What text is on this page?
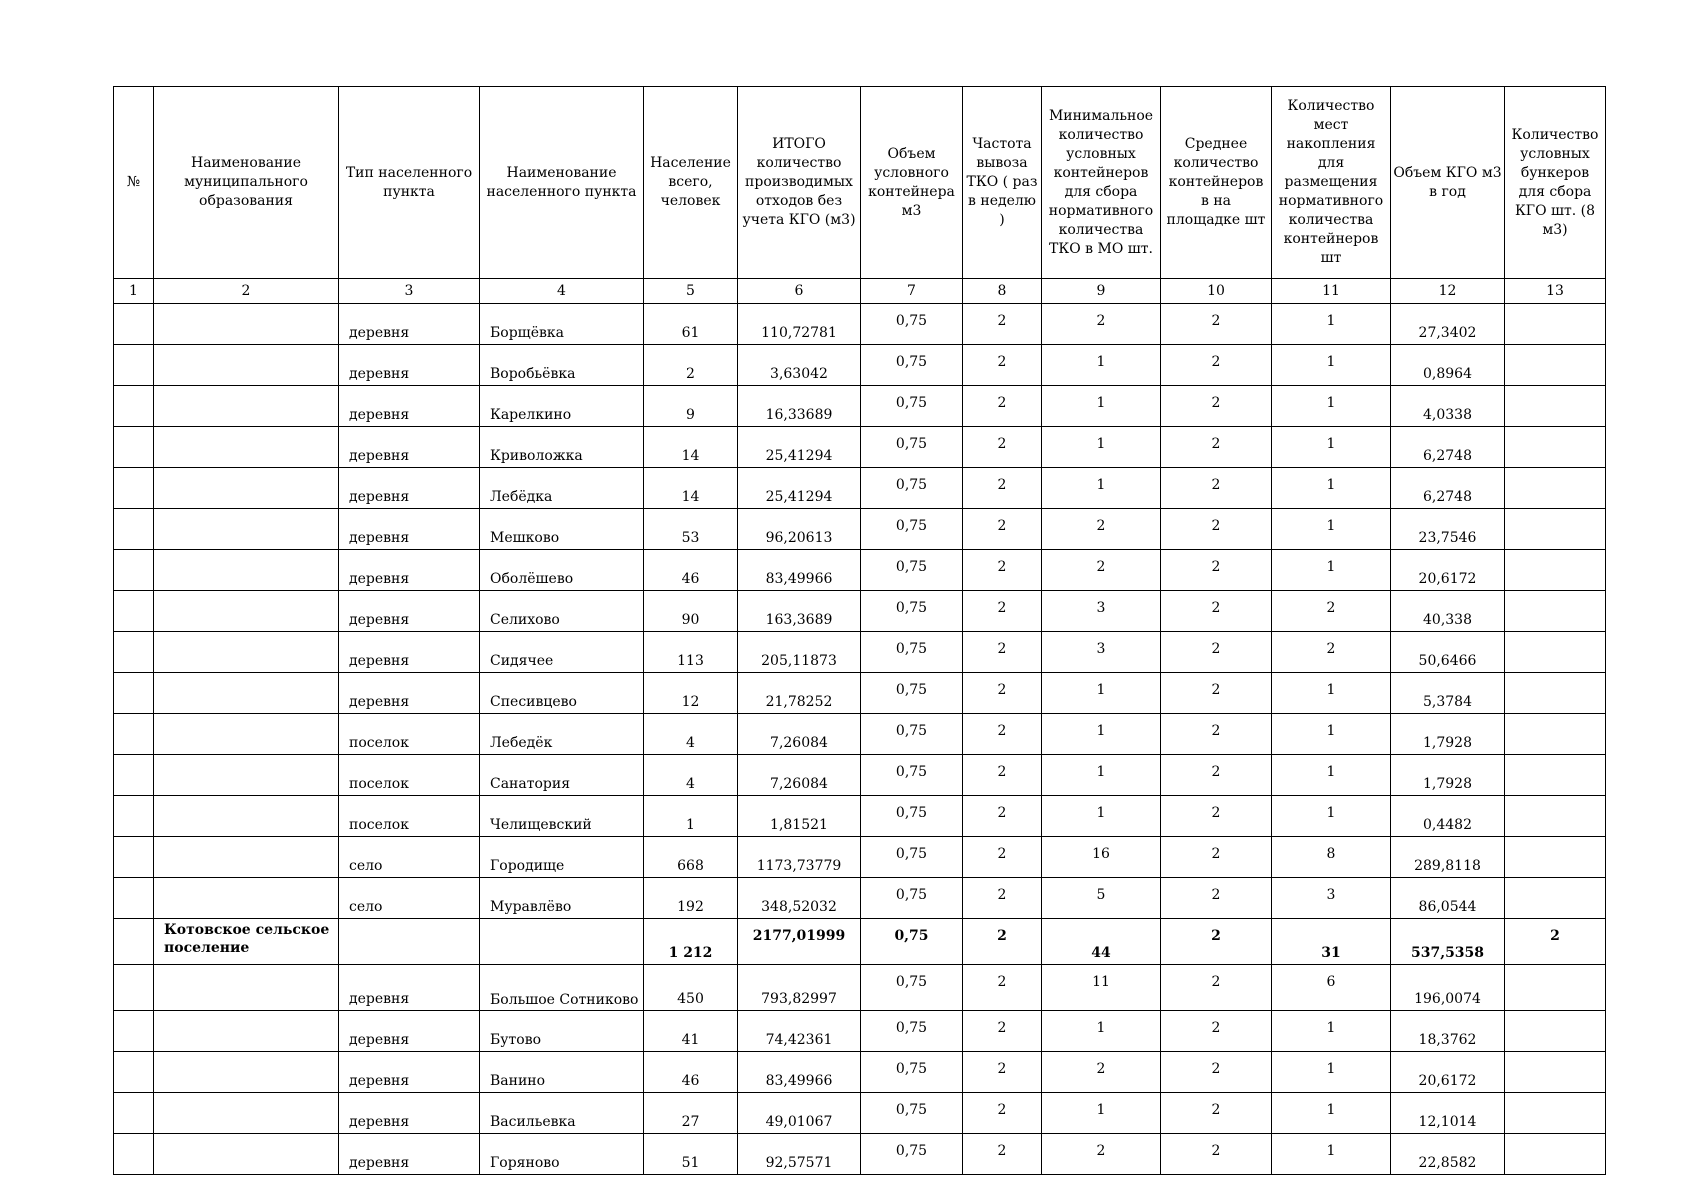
№	Наименование муниципального образования	Тип населенного пункта	Наименование населенного пункта	Население всего, человек	ИТОГО количество производимых отходов без учета КГО (м3)	Объем условного контейнера м3	Частота вывоза ТКО ( раз в неделю )	Минимальное количество условных контейнеров для сбора нормативного количества ТКО в МО шт.	Среднее количество контейнеров в на площадке шт	Количество мест накопления для размещения нормативного количества контейнеров шт	Объем КГО м3 в год	Количество условных бункеров для сбора КГО шт. (8 м3)
1	2	3	4	5	6	7	8	9	10	11	12	13
		деревня	Борщёвка	61	110,72781	0,75	2	2	2	1	27,3402	
		деревня	Воробьёвка	2	3,63042	0,75	2	1	2	1	0,8964	
		деревня	Карелкино	9	16,33689	0,75	2	1	2	1	4,0338	
		деревня	Криволожка	14	25,41294	0,75	2	1	2	1	6,2748	
		деревня	Лебёдка	14	25,41294	0,75	2	1	2	1	6,2748	
		деревня	Мешково	53	96,20613	0,75	2	2	2	1	23,7546	
		деревня	Оболёшево	46	83,49966	0,75	2	2	2	1	20,6172	
		деревня	Селихово	90	163,3689	0,75	2	3	2	2	40,338	
		деревня	Сидячее	113	205,11873	0,75	2	3	2	2	50,6466	
		деревня	Спесивцево	12	21,78252	0,75	2	1	2	1	5,3784	
		поселок	Лебедёк	4	7,26084	0,75	2	1	2	1	1,7928	
		поселок	Санатория	4	7,26084	0,75	2	1	2	1	1,7928	
		поселок	Челищевский	1	1,81521	0,75	2	1	2	1	0,4482	
		село	Городище	668	1173,73779	0,75	2	16	2	8	289,8118	
		село	Муравлёво	192	348,52032	0,75	2	5	2	3	86,0544	
	Котовское сельское поселение			1 212	2177,01999	0,75	2	44	2	31	537,5358	2
		деревня	Большое Сотниково	450	793,82997	0,75	2	11	2	6	196,0074	
		деревня	Бутово	41	74,42361	0,75	2	1	2	1	18,3762	
		деревня	Ванино	46	83,49966	0,75	2	2	2	1	20,6172	
		деревня	Васильевка	27	49,01067	0,75	2	1	2	1	12,1014	
		деревня	Горяново	51	92,57571	0,75	2	2	2	1	22,8582	
